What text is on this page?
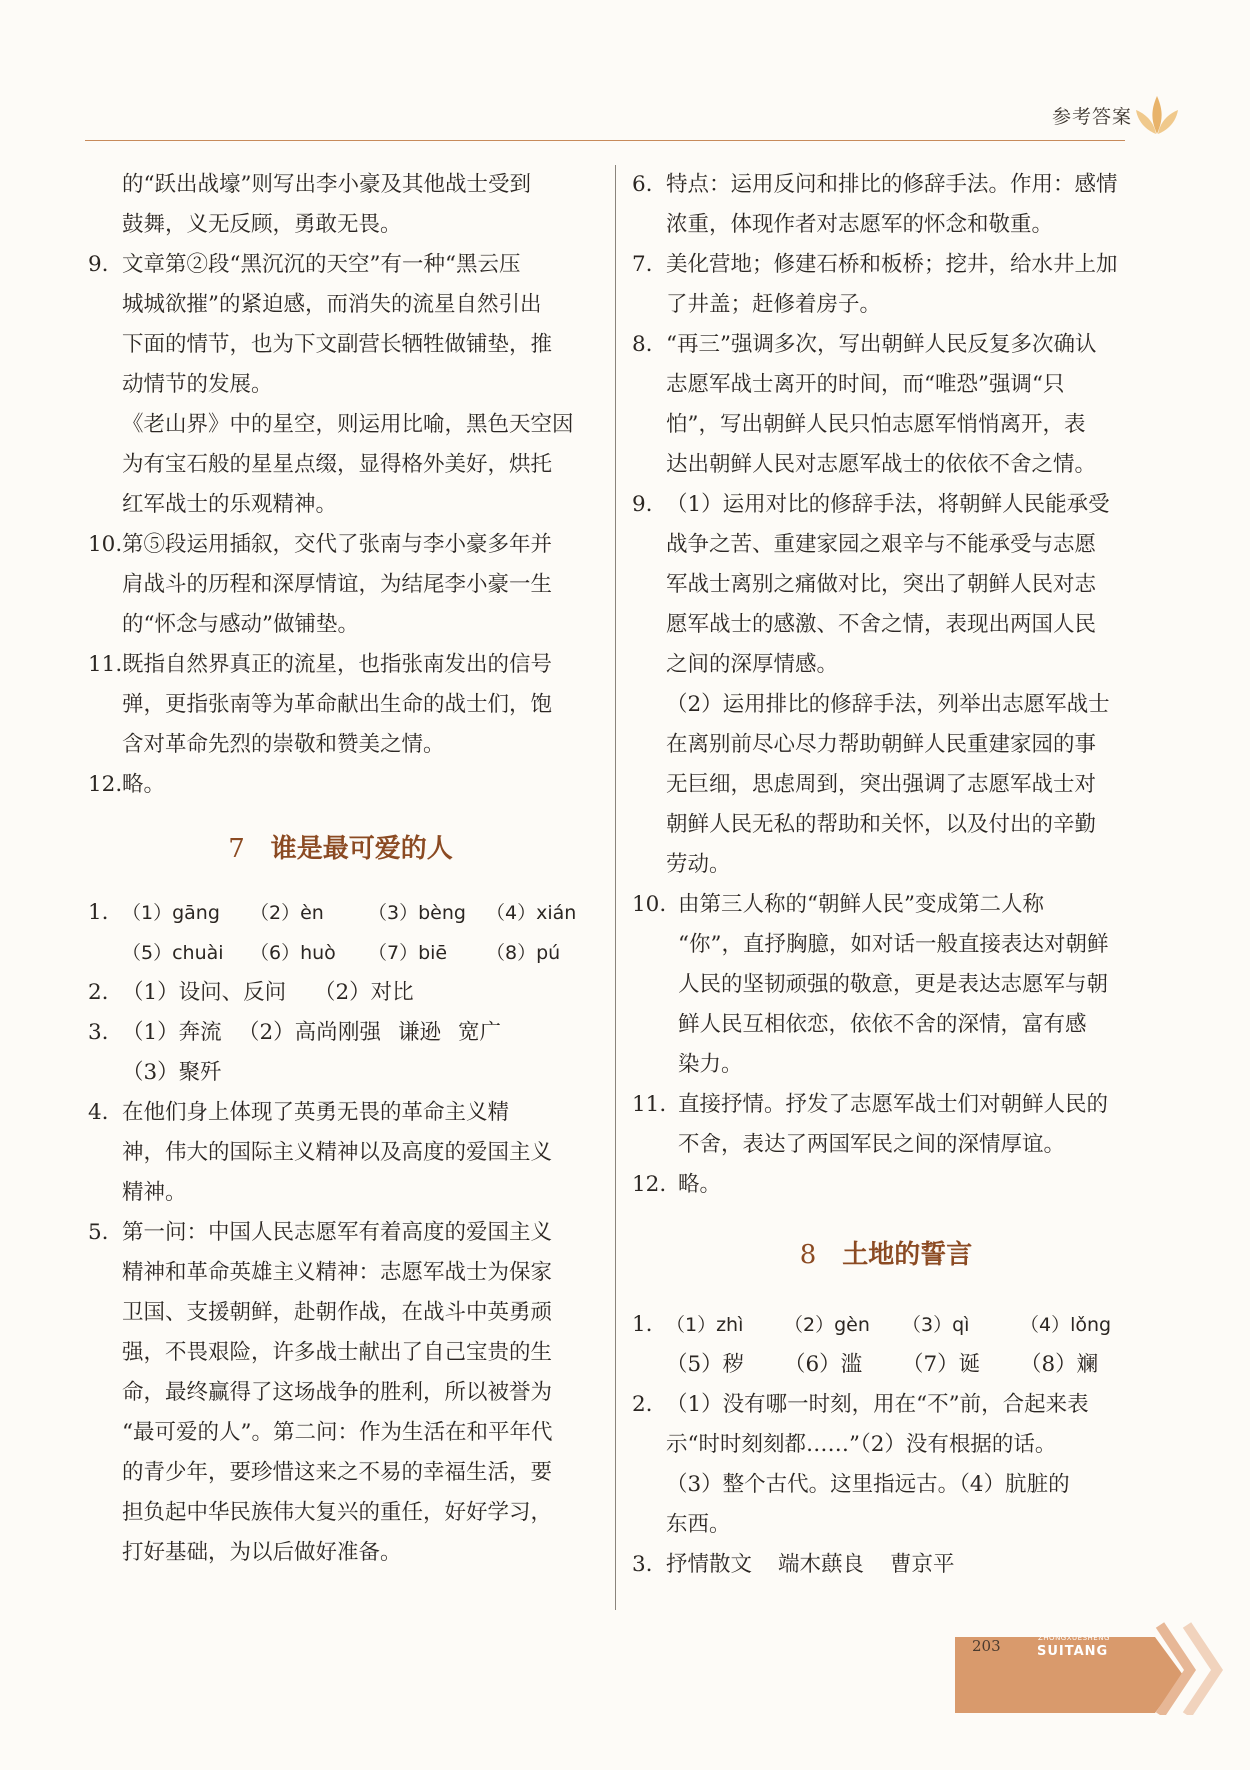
参考答案
的“跃出战壕”则写出李小豪及其他战士受到
鼓舞，义无反顾，勇敢无畏。
9. 文章第②段“黑沉沉的天空”有一种“黑云压
城城欲摧”的紧迫感，而消失的流星自然引出
下面的情节，也为下文副营长牺牲做铺垫，推
动情节的发展。
《老山界》中的星空，则运用比喻，黑色天空因
为有宝石般的星星点缀，显得格外美好，烘托
红军战士的乐观精神。
10. 第⑤段运用插叙，交代了张南与李小豪多年并
肩战斗的历程和深厚情谊，为结尾李小豪一生
的“怀念与感动”做铺垫。
11. 既指自然界真正的流星，也指张南发出的信号
弹，更指张南等为革命献出生命的战士们，饱
含对革命先烈的崇敬和赞美之情。
12. 略。
7 谁是最可爱的人
1. （1）gāng	（2）èn	（3）bèng	（4）xián
（5）chuài	（6）huò	（7）biē	（8）pú
2. （1）设问、反问	（2）对比
3. （1）奔流 （2）高尚 刚强 谦逊 宽广
（3）聚歼
4. 在他们身上体现了英勇无畏的革命主义精
神，伟大的国际主义精神以及高度的爱国主义
精神。
5. 第一问：中国人民志愿军有着高度的爱国主义
精神和革命英雄主义精神：志愿军战士为保家
卫国、支援朝鲜，赴朝作战，在战斗中英勇顽
强，不畏艰险，许多战士献出了自己宝贵的生
命，最终赢得了这场战争的胜利，所以被誉为
“最可爱的人”。第二问：作为生活在和平年代
的青少年，要珍惜这来之不易的幸福生活，要
担负起中华民族伟大复兴的重任，好好学习，
打好基础，为以后做好准备。
6. 特点：运用反问和排比的修辞手法。作用：感情
浓重，体现作者对志愿军的怀念和敬重。
7. 美化营地；修建石桥和板桥；挖井，给水井上加
了井盖；赶修着房子。
8. “再三”强调多次，写出朝鲜人民反复多次确认
志愿军战士离开的时间，而“唯恐”强调“只
怕”，写出朝鲜人民只怕志愿军悄悄离开，表
达出朝鲜人民对志愿军战士的依依不舍之情。
9. （1）运用对比的修辞手法，将朝鲜人民能承受
战争之苦、重建家园之艰辛与不能承受与志愿
军战士离别之痛做对比，突出了朝鲜人民对志
愿军战士的感激、不舍之情，表现出两国人民
之间的深厚情感。
（2）运用排比的修辞手法，列举出志愿军战士
在离别前尽心尽力帮助朝鲜人民重建家园的事
无巨细，思虑周到，突出强调了志愿军战士对
朝鲜人民无私的帮助和关怀，以及付出的辛勤
劳动。
10. 由第三人称的“朝鲜人民”变成第二人称
“你”，直抒胸臆，如对话一般直接表达对朝鲜
人民的坚韧顽强的敬意，更是表达志愿军与朝
鲜人民互相依恋，依依不舍的深情，富有感
染力。
11. 直接抒情。抒发了志愿军战士们对朝鲜人民的
不舍，表达了两国军民之间的深情厚谊。
12. 略。
8 土地的誓言
1. （1）zhì	（2）gèn	（3）qì	（4）lǒng
（5）秽	（6）滥	（7）诞	（8）斓
2. （1）没有哪一时刻，用在“不”前，合起来表
示“时时刻刻都……”（2）没有根据的话。
（3）整个古代。这里指远古。（4）肮脏的
东西。
3. 抒情散文	端木蕻良	曹京平
203	ZHONGXUESHENG
SUITANG
